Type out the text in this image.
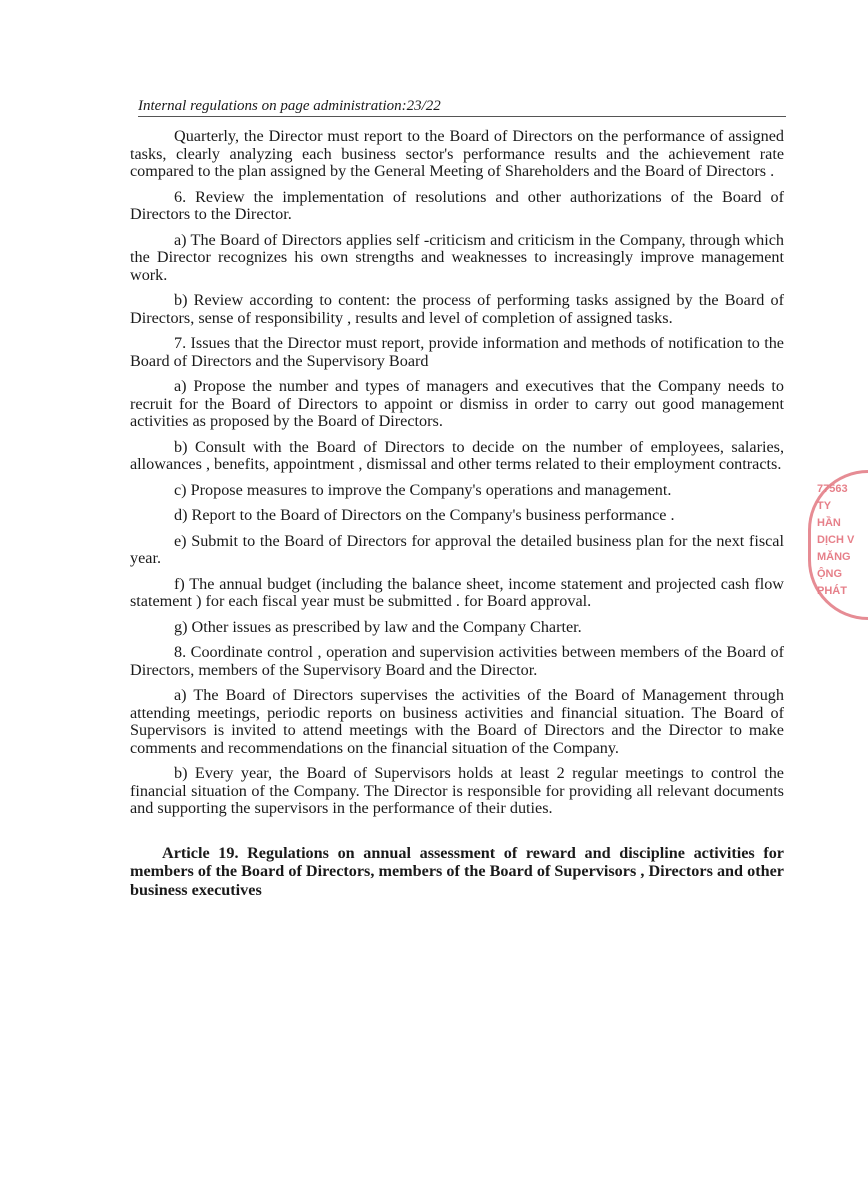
Internal regulations on page administration:23/22

Quarterly, the Director must report to the Board of Directors on the performance of assigned tasks, clearly analyzing each business sector's performance results and the achievement rate compared to the plan assigned by the General Meeting of Shareholders and the Board of Directors .

6. Review the implementation of resolutions and other authorizations of the Board of Directors to the Director.

a) The Board of Directors applies self -criticism and criticism in the Company, through which the Director recognizes his own strengths and weaknesses to increasingly improve management work.

b) Review according to content: the process of performing tasks assigned by the Board of Directors, sense of responsibility , results and level of completion of assigned tasks.

7. Issues that the Director must report, provide information and methods of notification to the Board of Directors and the Supervisory Board

a) Propose the number and types of managers and executives that the Company needs to recruit for the Board of Directors to appoint or dismiss in order to carry out good management activities as proposed by the Board of Directors.

b) Consult with the Board of Directors to decide on the number of employees, salaries, allowances , benefits, appointment , dismissal and other terms related to their employment contracts.

c) Propose measures to improve the Company's operations and management.

d) Report to the Board of Directors on the Company's business performance .

e) Submit to the Board of Directors for approval the detailed business plan for the next fiscal year.

f) The annual budget (including the balance sheet, income statement and projected cash flow statement ) for each fiscal year must be submitted . for Board approval.

g) Other issues as prescribed by law and the Company Charter.

8. Coordinate control , operation and supervision activities between members of the Board of Directors, members of the Supervisory Board and the Director.

a) The Board of Directors supervises the activities of the Board of Management through attending meetings, periodic reports on business activities and financial situation. The Board of Supervisors is invited to attend meetings with the Board of Directors and the Director to make comments and recommendations on the financial situation of the Company.

b) Every year, the Board of Supervisors holds at least 2 regular meetings to control the financial situation of the Company. The Director is responsible for providing all relevant documents and supporting the supervisors in the performance of their duties.

Article 19. Regulations on annual assessment of reward and discipline activities for members of the Board of Directors, members of the Board of Supervisors , Directors and other business executives

77563
TY
HẦN
DỊCH V
MĂNG
ỘNG
PHÁT
